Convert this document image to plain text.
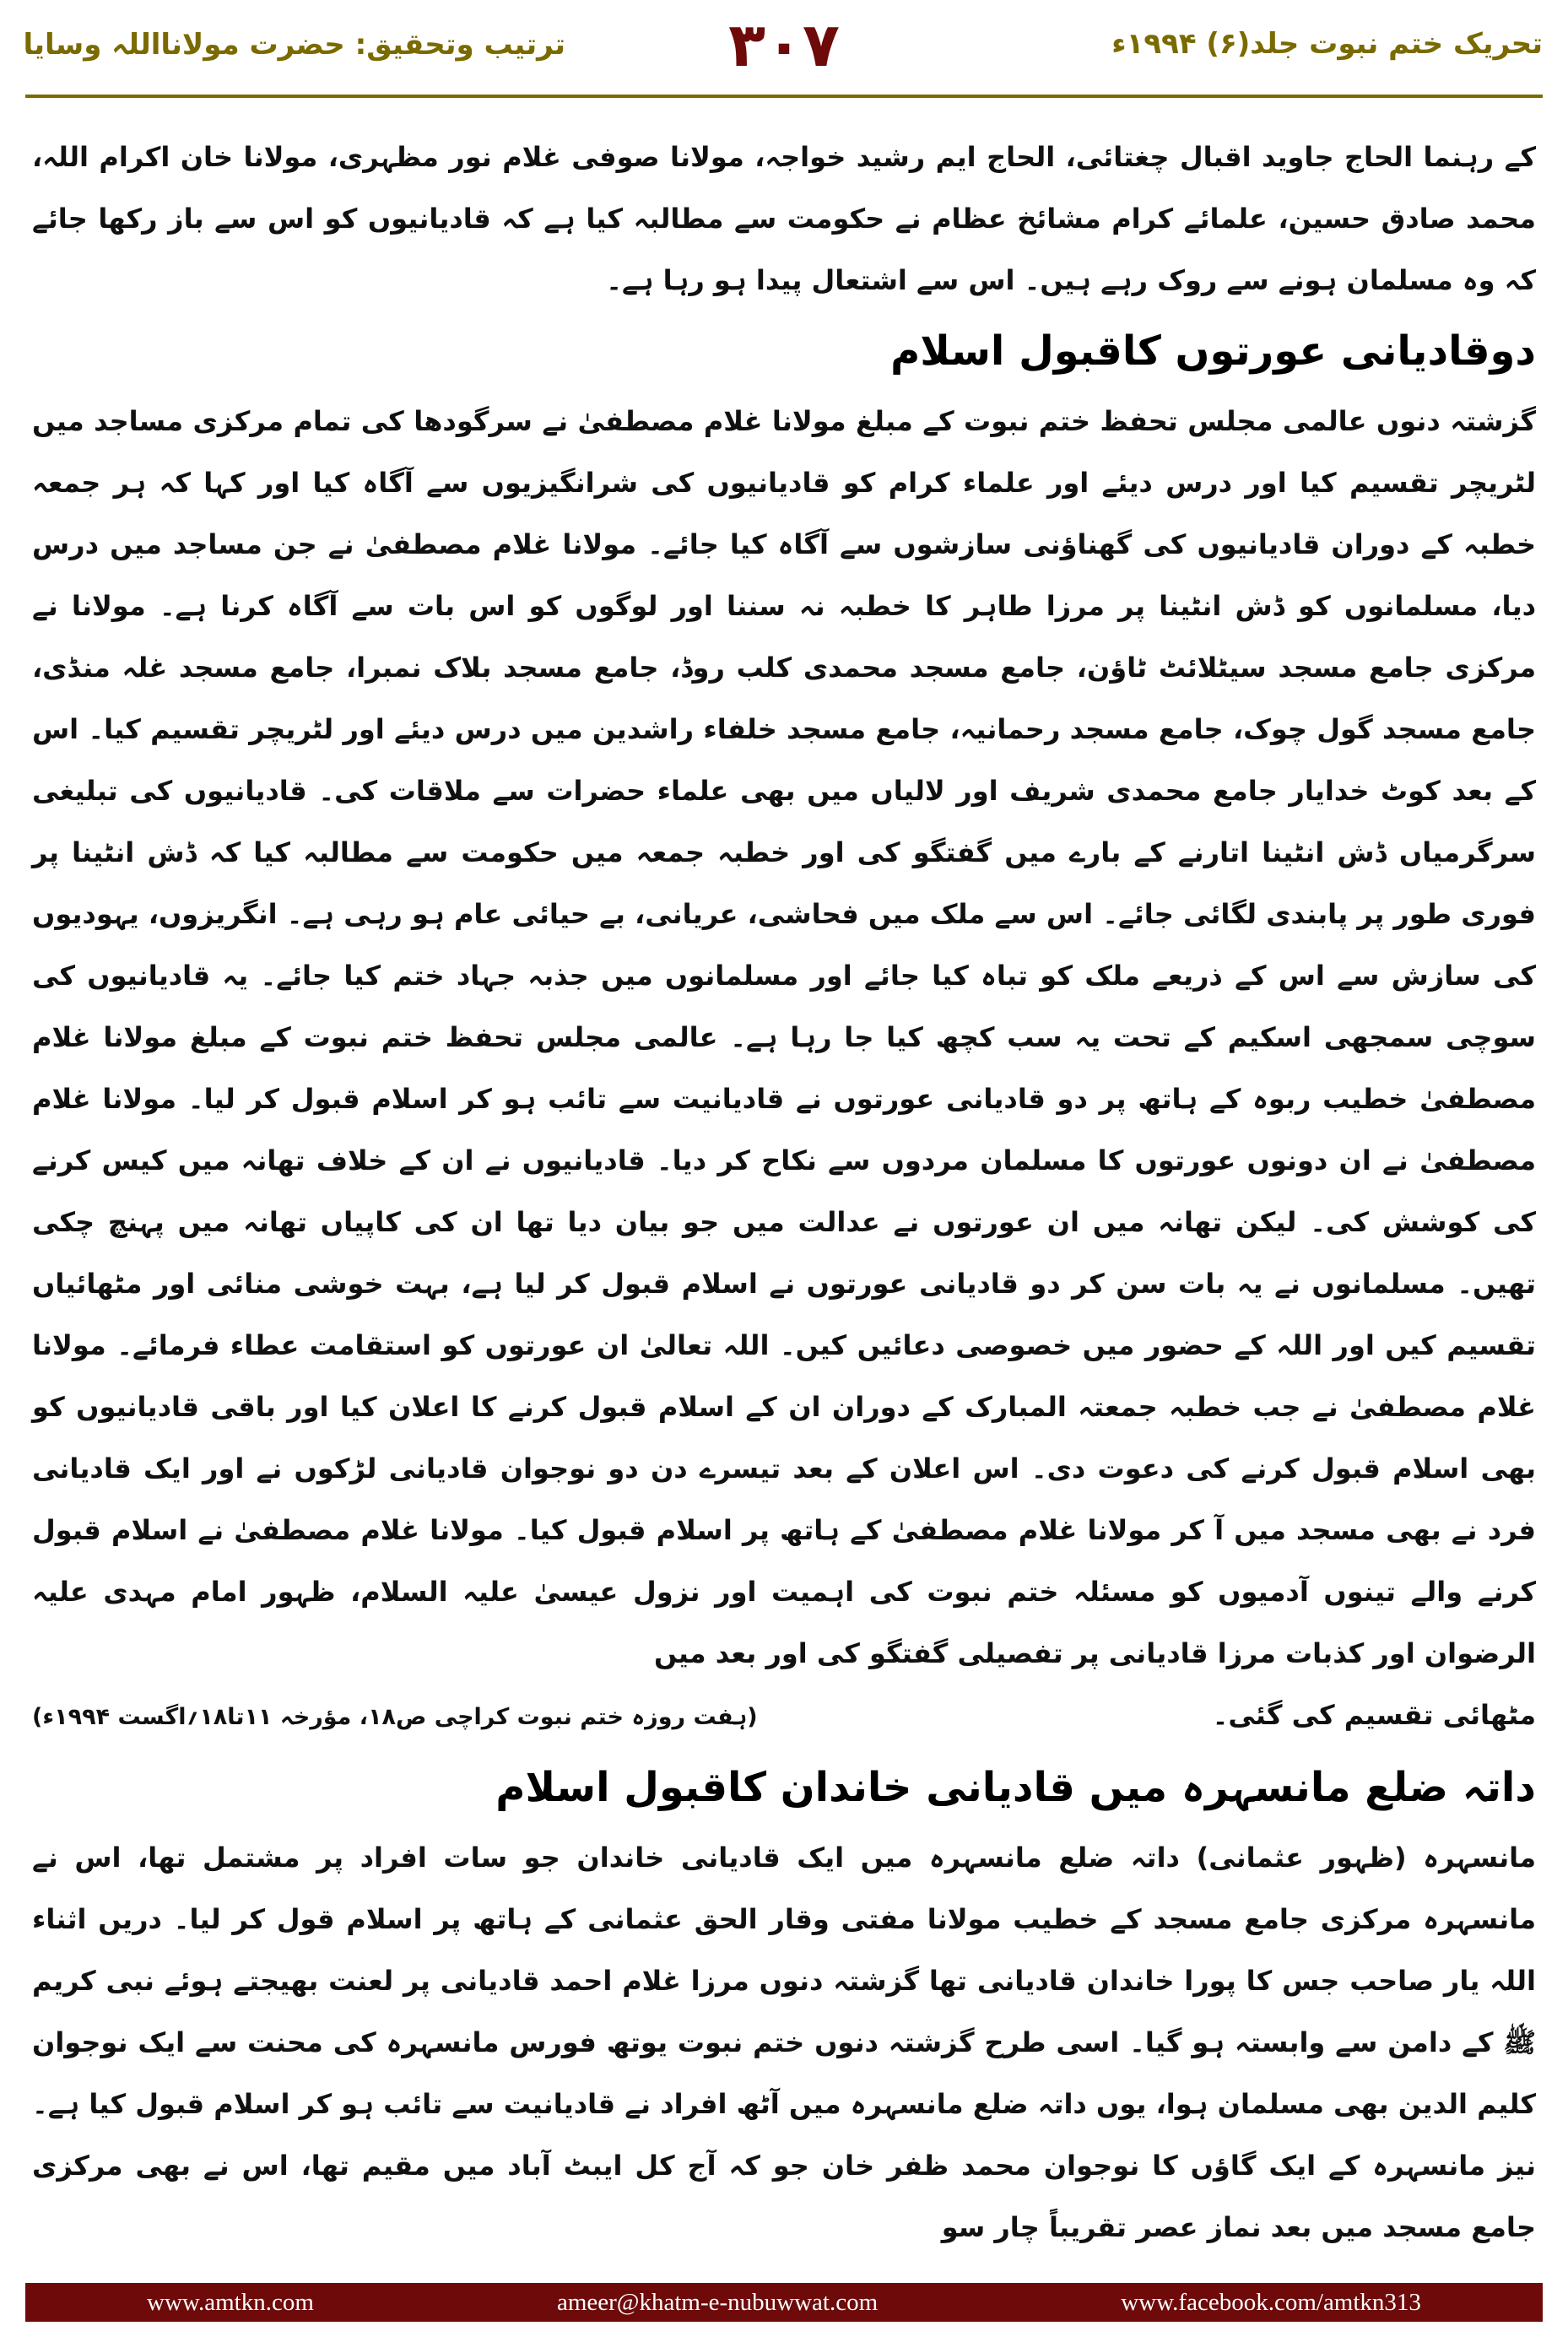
تحریک ختم نبوت جلد(۶) ۱۹۹۴ء
۳۰۷
ترتیب وتحقیق: حضرت مولانااللہ وسایا

کے رہنما الحاج جاوید اقبال چغتائی، الحاج ایم رشید خواجہ، مولانا صوفی غلام نور مظہری، مولانا خان اکرام اللہ، محمد صادق حسین، علمائے کرام مشائخ عظام نے حکومت سے مطالبہ کیا ہے کہ قادیانیوں کو اس سے باز رکھا جائے کہ وہ مسلمان ہونے سے روک رہے ہیں۔ اس سے اشتعال پیدا ہو رہا ہے۔

دوقادیانی عورتوں کاقبول اسلام

گزشتہ دنوں عالمی مجلس تحفظ ختم نبوت کے مبلغ مولانا غلام مصطفیٰ نے سرگودھا کی تمام مرکزی مساجد میں لٹریچر تقسیم کیا اور درس دیئے اور علماء کرام کو قادیانیوں کی شرانگیزیوں سے آگاہ کیا اور کہا کہ ہر جمعہ خطبہ کے دوران قادیانیوں کی گھناؤنی سازشوں سے آگاہ کیا جائے۔ مولانا غلام مصطفیٰ نے جن مساجد میں درس دیا، مسلمانوں کو ڈش انٹینا پر مرزا طاہر کا خطبہ نہ سننا اور لوگوں کو اس بات سے آگاہ کرنا ہے۔ مولانا نے مرکزی جامع مسجد سیٹلائٹ ٹاؤن، جامع مسجد محمدی کلب روڈ، جامع مسجد بلاک نمبرا، جامع مسجد غلہ منڈی، جامع مسجد گول چوک، جامع مسجد رحمانیہ، جامع مسجد خلفاء راشدین میں درس دیئے اور لٹریچر تقسیم کیا۔ اس کے بعد کوٹ خدایار جامع محمدی شریف اور لالیاں میں بھی علماء حضرات سے ملاقات کی۔ قادیانیوں کی تبلیغی سرگرمیاں ڈش انٹینا اتارنے کے بارے میں گفتگو کی اور خطبہ جمعہ میں حکومت سے مطالبہ کیا کہ ڈش انٹینا پر فوری طور پر پابندی لگائی جائے۔ اس سے ملک میں فحاشی، عریانی، بے حیائی عام ہو رہی ہے۔ انگریزوں، یہودیوں کی سازش سے اس کے ذریعے ملک کو تباہ کیا جائے اور مسلمانوں میں جذبہ جہاد ختم کیا جائے۔ یہ قادیانیوں کی سوچی سمجھی اسکیم کے تحت یہ سب کچھ کیا جا رہا ہے۔ عالمی مجلس تحفظ ختم نبوت کے مبلغ مولانا غلام مصطفیٰ خطیب ربوہ کے ہاتھ پر دو قادیانی عورتوں نے قادیانیت سے تائب ہو کر اسلام قبول کر لیا۔ مولانا غلام مصطفیٰ نے ان دونوں عورتوں کا مسلمان مردوں سے نکاح کر دیا۔ قادیانیوں نے ان کے خلاف تھانہ میں کیس کرنے کی کوشش کی۔ لیکن تھانہ میں ان عورتوں نے عدالت میں جو بیان دیا تھا ان کی کاپیاں تھانہ میں پہنچ چکی تھیں۔ مسلمانوں نے یہ بات سن کر دو قادیانی عورتوں نے اسلام قبول کر لیا ہے، بہت خوشی منائی اور مٹھائیاں تقسیم کیں اور اللہ کے حضور میں خصوصی دعائیں کیں۔ اللہ تعالیٰ ان عورتوں کو استقامت عطاء فرمائے۔ مولانا غلام مصطفیٰ نے جب خطبہ جمعتہ المبارک کے دوران ان کے اسلام قبول کرنے کا اعلان کیا اور باقی قادیانیوں کو بھی اسلام قبول کرنے کی دعوت دی۔ اس اعلان کے بعد تیسرے دن دو نوجوان قادیانی لڑکوں نے اور ایک قادیانی فرد نے بھی مسجد میں آ کر مولانا غلام مصطفیٰ کے ہاتھ پر اسلام قبول کیا۔ مولانا غلام مصطفیٰ نے اسلام قبول کرنے والے تینوں آدمیوں کو مسئلہ ختم نبوت کی اہمیت اور نزول عیسیٰ علیہ السلام، ظہور امام مہدی علیہ الرضوان اور کذبات مرزا قادیانی پر تفصیلی گفتگو کی اور بعد میں

مٹھائی تقسیم کی گئی۔
(ہفت روزہ ختم نبوت کراچی ص۱۸، مؤرخہ ۱۱تا۱۸؍اگست ۱۹۹۴ء)
داتہ ضلع مانسہرہ میں قادیانی خاندان کاقبول اسلام

مانسہرہ (ظہور عثمانی) داتہ ضلع مانسہرہ میں ایک قادیانی خاندان جو سات افراد پر مشتمل تھا، اس نے مانسہرہ مرکزی جامع مسجد کے خطیب مولانا مفتی وقار الحق عثمانی کے ہاتھ پر اسلام قول کر لیا۔ دریں اثناء اللہ یار صاحب جس کا پورا خاندان قادیانی تھا گزشتہ دنوں مرزا غلام احمد قادیانی پر لعنت بھیجتے ہوئے نبی کریم ﷺ کے دامن سے وابستہ ہو گیا۔ اسی طرح گزشتہ دنوں ختم نبوت یوتھ فورس مانسہرہ کی محنت سے ایک نوجوان کلیم الدین بھی مسلمان ہوا، یوں داتہ ضلع مانسہرہ میں آٹھ افراد نے قادیانیت سے تائب ہو کر اسلام قبول کیا ہے۔ نیز مانسہرہ کے ایک گاؤں کا نوجوان محمد ظفر خان جو کہ آج کل ایبٹ آباد میں مقیم تھا، اس نے بھی مرکزی جامع مسجد میں بعد نماز عصر تقریباً چار سو

www.amtkn.com	ameer@khatm-e-nubuwwat.com	www.facebook.com/amtkn313
